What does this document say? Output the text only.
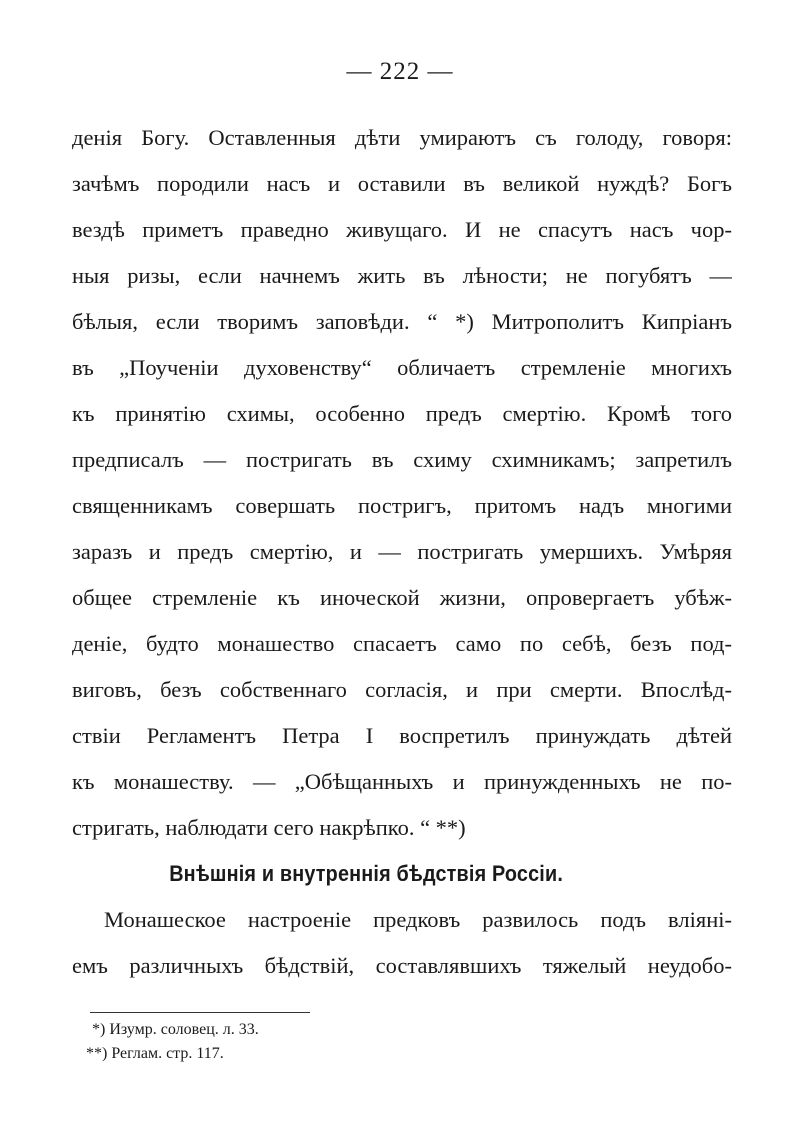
— 222 —
денія Богу. Оставленныя дѣти умираютъ съ голоду, говоря:
зачѣмъ породили насъ и оставили въ великой нуждѣ? Богъ
вездѣ приметъ праведно живущаго. И не спасутъ насъ чор-
ныя ризы, если начнемъ жить въ лѣности; не погубятъ —
бѣлыя, если творимъ заповѣди. “ *) Митрополитъ Кипріанъ
въ „Поученіи духовенству“ обличаетъ стремленіе многихъ
къ принятію схимы, особенно предъ смертію. Кромѣ того
предписалъ — постригать въ схиму схимникамъ; запретилъ
священникамъ совершать постригъ, притомъ надъ многими
заразъ и предъ смертію, и — постригать умершихъ. Умѣряя
общее стремленіе къ иноческой жизни, опровергаетъ убѣж-
деніе, будто монашество спасаетъ само по себѣ, безъ под-
виговъ, безъ собственнаго согласія, и при смерти. Впослѣд-
ствіи Регламентъ Петра I воспретилъ принуждать дѣтей
къ монашеству. — „Обѣщанныхъ и принужденныхъ не по-
стригать, наблюдати сего накрѣпко. “ **)
Внѣшнія и внутреннія бѣдствія Россіи.
Монашеское настроеніе предковъ развилось подъ вліяні-
емъ различныхъ бѣдствій, составлявшихъ тяжелый неудобо-
*) Изумр. соловец. л. 33.
**) Реглам. стр. 117.
